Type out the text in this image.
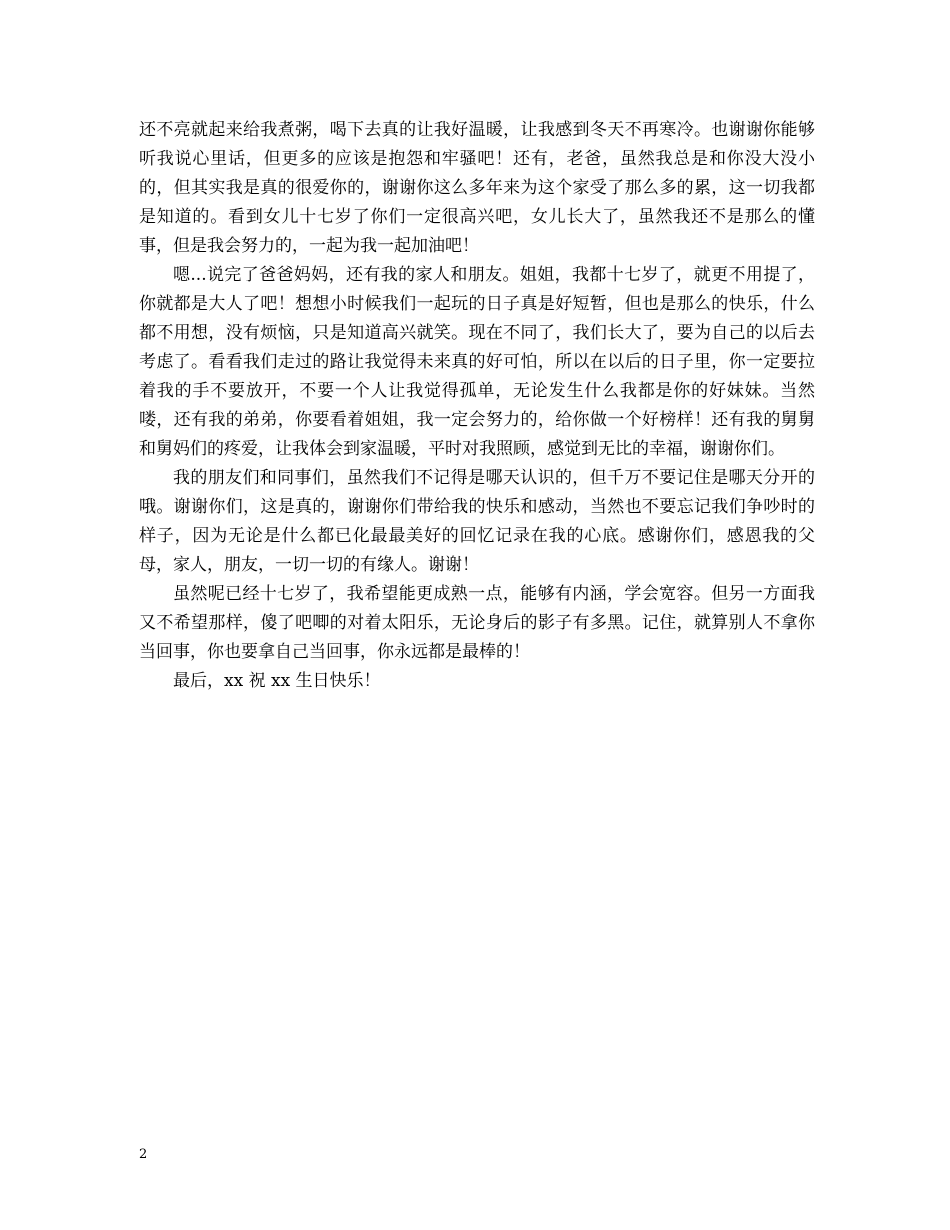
还不亮就起来给我煮粥，喝下去真的让我好温暖，让我感到冬天不再寒冷。也谢谢你能够听我说心里话，但更多的应该是抱怨和牢骚吧！还有，老爸，虽然我总是和你没大没小的，但其实我是真的很爱你的，谢谢你这么多年来为这个家受了那么多的累，这一切我都是知道的。看到女儿十七岁了你们一定很高兴吧，女儿长大了，虽然我还不是那么的懂事，但是我会努力的，一起为我一起加油吧！

嗯...说完了爸爸妈妈，还有我的家人和朋友。姐姐，我都十七岁了，就更不用提了，你就都是大人了吧！想想小时候我们一起玩的日子真是好短暂，但也是那么的快乐，什么都不用想，没有烦恼，只是知道高兴就笑。现在不同了，我们长大了，要为自己的以后去考虑了。看看我们走过的路让我觉得未来真的好可怕，所以在以后的日子里，你一定要拉着我的手不要放开，不要一个人让我觉得孤单，无论发生什么我都是你的好妹妹。当然喽，还有我的弟弟，你要看着姐姐，我一定会努力的，给你做一个好榜样！还有我的舅舅和舅妈们的疼爱，让我体会到家温暖，平时对我照顾，感觉到无比的幸福，谢谢你们。

我的朋友们和同事们，虽然我们不记得是哪天认识的，但千万不要记住是哪天分开的哦。谢谢你们，这是真的，谢谢你们带给我的快乐和感动，当然也不要忘记我们争吵时的样子，因为无论是什么都已化最最美好的回忆记录在我的心底。感谢你们，感恩我的父母，家人，朋友，一切一切的有缘人。谢谢！

虽然呢已经十七岁了，我希望能更成熟一点，能够有内涵，学会宽容。但另一方面我又不希望那样，傻了吧唧的对着太阳乐，无论身后的影子有多黑。记住，就算别人不拿你当回事，你也要拿自己当回事，你永远都是最棒的！

最后，xx 祝 xx 生日快乐！

2
